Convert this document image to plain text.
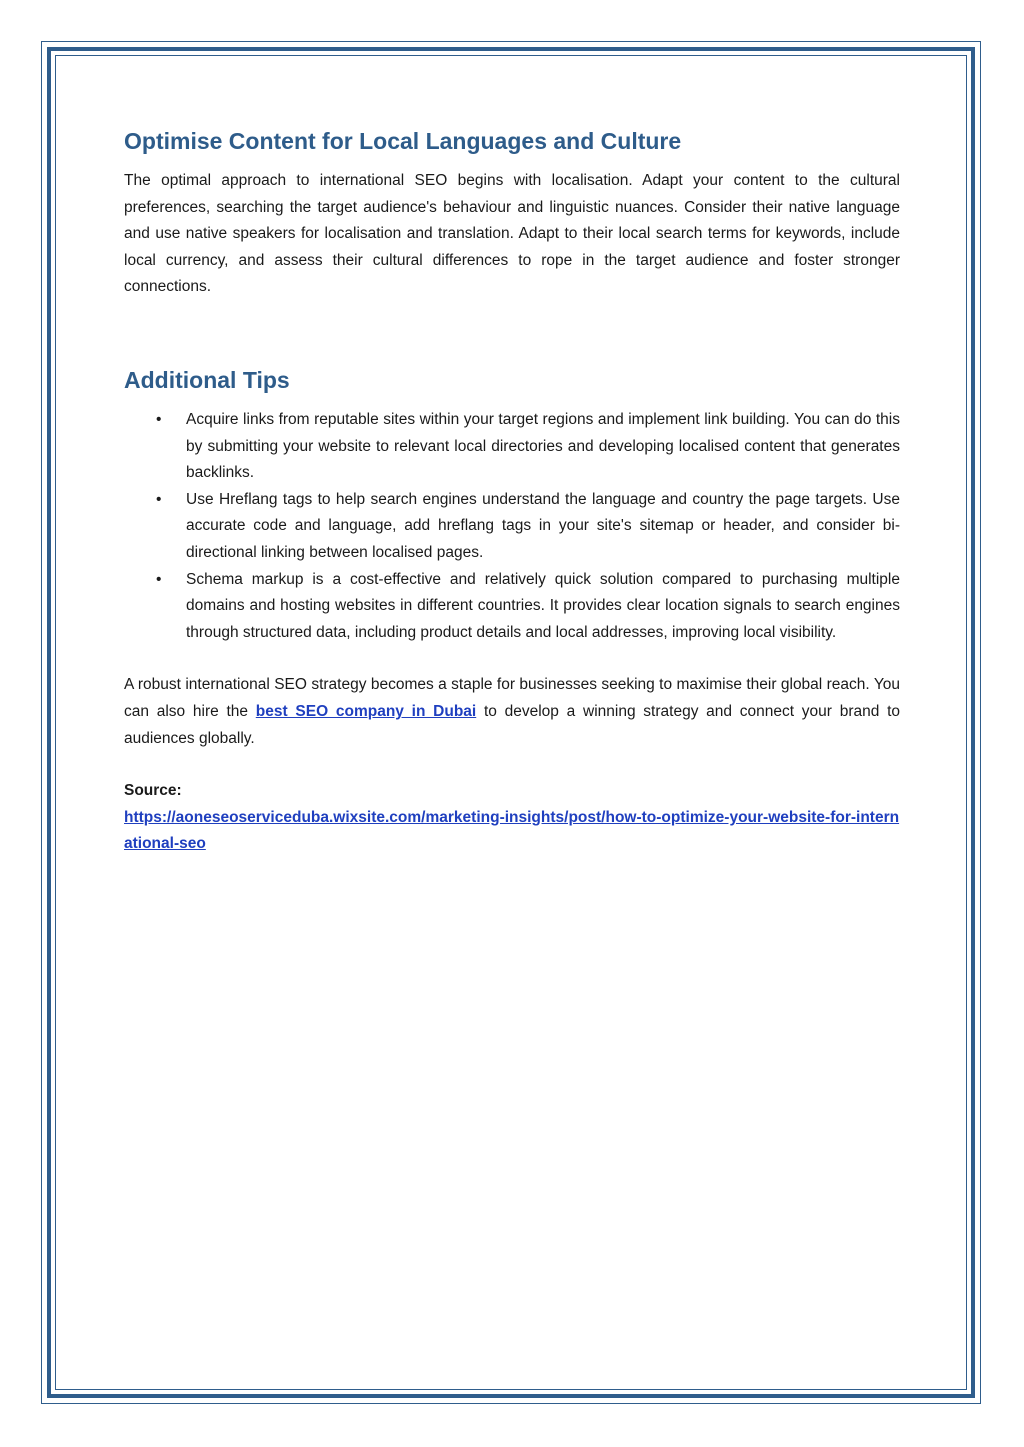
Optimise Content for Local Languages and Culture

The optimal approach to international SEO begins with localisation. Adapt your content to the cultural preferences, searching the target audience's behaviour and linguistic nuances. Consider their native language and use native speakers for localisation and translation. Adapt to their local search terms for keywords, include local currency, and assess their cultural differences to rope in the target audience and foster stronger connections.

Additional Tips
• Acquire links from reputable sites within your target regions and implement link building. You can do this by submitting your website to relevant local directories and developing localised content that generates backlinks.
• Use Hreflang tags to help search engines understand the language and country the page targets. Use accurate code and language, add hreflang tags in your site's sitemap or header, and consider bi-directional linking between localised pages.
• Schema markup is a cost-effective and relatively quick solution compared to purchasing multiple domains and hosting websites in different countries. It provides clear location signals to search engines through structured data, including product details and local addresses, improving local visibility.

A robust international SEO strategy becomes a staple for businesses seeking to maximise their global reach. You can also hire the best SEO company in Dubai to develop a winning strategy and connect your brand to audiences globally.

Source:
https://aoneseoserviceduba.wixsite.com/marketing-insights/post/how-to-optimize-your-website-for-international-seo
